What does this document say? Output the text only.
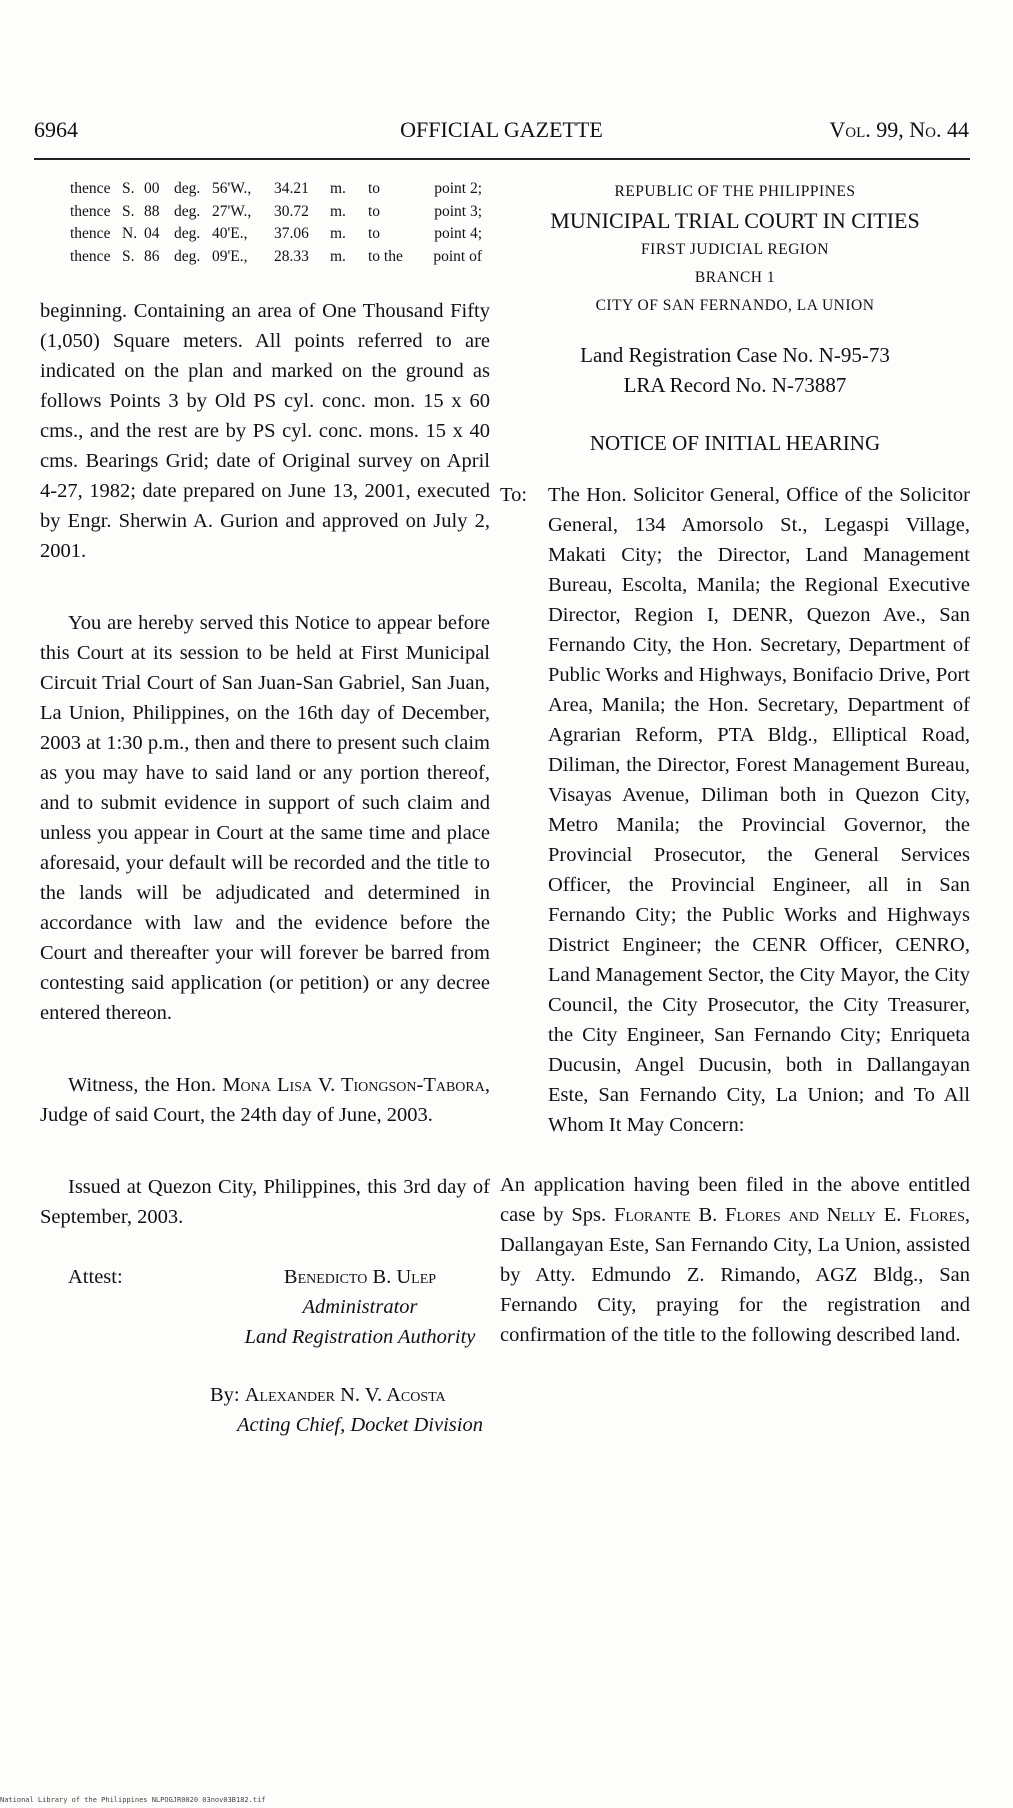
6964	OFFICIAL GAZETTE	Vol. 99, No. 44
thence S. 00 deg. 56'W.,	34.21	m.	to	point 2;
thence S. 88 deg. 27'W.,	30.72	m.	to	point 3;
thence N. 04 deg. 40'E.,	37.06	m.	to	point 4;
thence S. 86 deg. 09'E.,	28.33	m.	to the	point of

beginning. Containing an area of One Thousand Fifty (1,050) Square meters. All points referred to are indicated on the plan and marked on the ground as follows Points 3 by Old PS cyl. conc. mon. 15 x 60 cms., and the rest are by PS cyl. conc. mons. 15 x 40 cms. Bearings Grid; date of Original survey on April 4-27, 1982; date prepared on June 13, 2001, executed by Engr. Sherwin A. Gurion and approved on July 2, 2001.

You are hereby served this Notice to appear before this Court at its session to be held at First Municipal Circuit Trial Court of San Juan-San Gabriel, San Juan, La Union, Philippines, on the 16th day of December, 2003 at 1:30 p.m., then and there to present such claim as you may have to said land or any portion thereof, and to submit evidence in support of such claim and unless you appear in Court at the same time and place aforesaid, your default will be recorded and the title to the lands will be adjudicated and determined in accordance with law and the evidence before the Court and thereafter your will forever be barred from contesting said application (or petition) or any decree entered thereon.

Witness, the Hon. Mona Lisa V. Tiongson-Tabora, Judge of said Court, the 24th day of June, 2003.

Issued at Quezon City, Philippines, this 3rd day of September, 2003.

Attest:	Benedicto B. Ulep
Administrator
Land Registration Authority
By: Alexander N. V. Acosta
Acting Chief, Docket Division
REPUBLIC OF THE PHILIPPINES
MUNICIPAL TRIAL COURT IN CITIES
FIRST JUDICIAL REGION
BRANCH 1
CITY OF SAN FERNANDO, LA UNION
Land Registration Case No. N-95-73
LRA Record No. N-73887
NOTICE OF INITIAL HEARING
To: The Hon. Solicitor General, Office of the Solicitor General, 134 Amorsolo St., Legaspi Village, Makati City; the Director, Land Management Bureau, Escolta, Manila; the Regional Executive Director, Region I, DENR, Quezon Ave., San Fernando City, the Hon. Secretary, Department of Public Works and Highways, Bonifacio Drive, Port Area, Manila; the Hon. Secretary, Department of Agrarian Reform, PTA Bldg., Elliptical Road, Diliman, the Director, Forest Management Bureau, Visayas Avenue, Diliman both in Quezon City, Metro Manila; the Provincial Governor, the Provincial Prosecutor, the General Services Officer, the Provincial Engineer, all in San Fernando City; the Public Works and Highways District Engineer; the CENR Officer, CENRO, Land Management Sector, the City Mayor, the City Council, the City Prosecutor, the City Treasurer, the City Engineer, San Fernando City; Enriqueta Ducusin, Angel Ducusin, both in Dallangayan Este, San Fernando City, La Union; and To All Whom It May Concern:

An application having been filed in the above entitled case by Sps. Florante B. Flores and Nelly E. Flores, Dallangayan Este, San Fernando City, La Union, assisted by Atty. Edmundo Z. Rimando, AGZ Bldg., San Fernando City, praying for the registration and confirmation of the title to the following described land.

National Library of the Philippines NLPOGJR0020 03nov03B182.tif
